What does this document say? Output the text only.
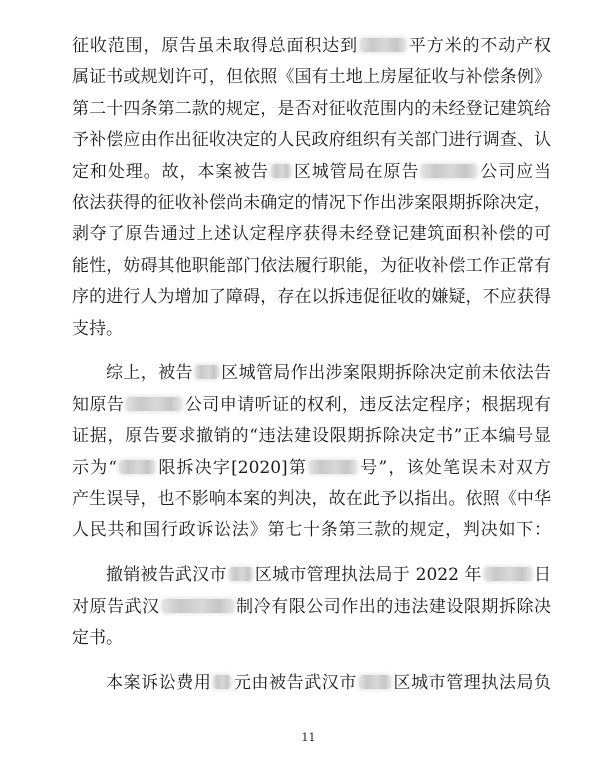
征收范围，原告虽未取得总面积达到	平方米的不动产权
属证书或规划许可，但依照《国有土地上房屋征收与补偿条例》
第二十四条第二款的规定，是否对征收范围内的未经登记建筑给
予补偿应由作出征收决定的人民政府组织有关部门进行调查、认
定和处理。故，本案被告 区城管局在原告	公司应当
依法获得的征收补偿尚未确定的情况下作出涉案限期拆除决定，
剥夺了原告通过上述认定程序获得未经登记建筑面积补偿的可
能性，妨碍其他职能部门依法履行职能，为征收补偿工作正常有
序的进行人为增加了障碍，存在以拆违促征收的嫌疑，不应获得
支持。
综上，被告 区城管局作出涉案限期拆除决定前未依法告
知原告	公司申请听证的权利，违反法定程序；根据现有
证据，原告要求撤销的“违法建设限期拆除决定书”正本编号显
示为“ 限拆决字[2020]第	号”，该处笔误未对双方
产生误导，也不影响本案的判决，故在此予以指出。依照《中华
人民共和国行政诉讼法》第七十条第三款的规定，判决如下：
撤销被告武汉市 区城市管理执法局于 2022 年	日
对原告武汉	制冷有限公司作出的违法建设限期拆除决
定书。
本案诉讼费用 元由被告武汉市 区城市管理执法局负
11
